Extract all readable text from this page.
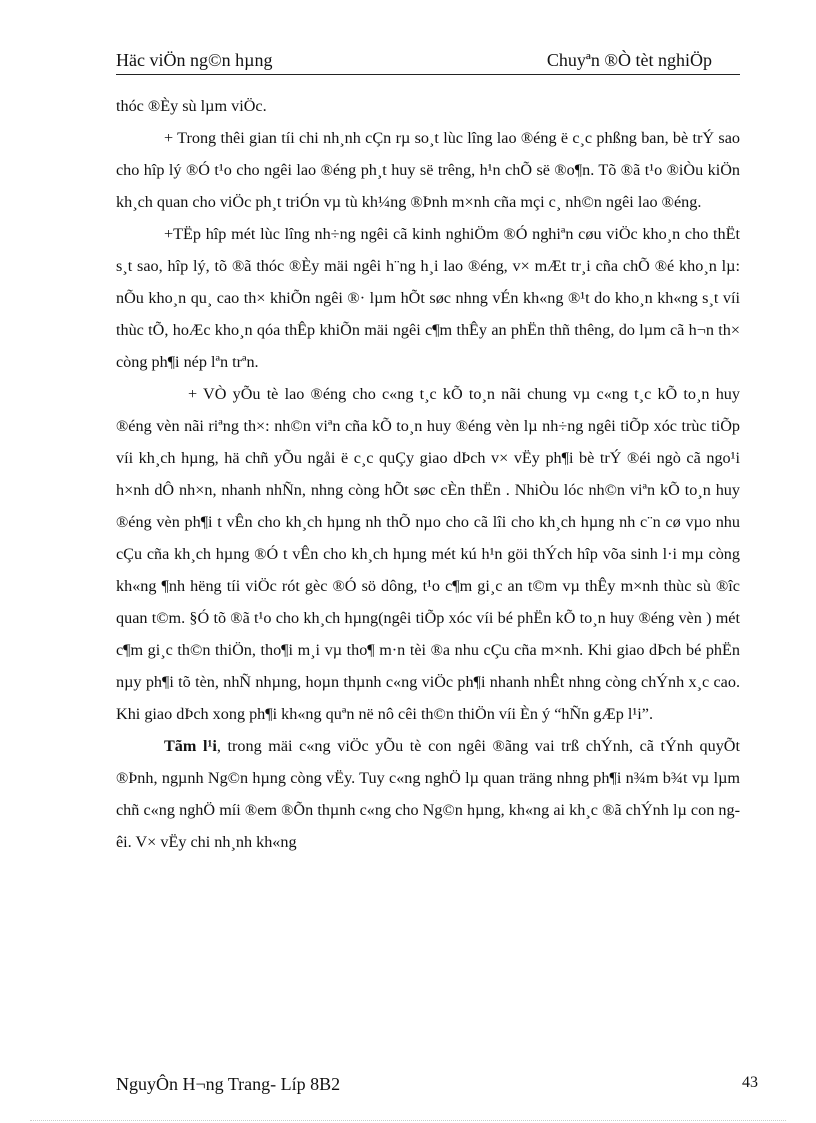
Häc viÖn ng©n hµng	Chuyªn ®Ò tèt nghiÖp

thóc ®Èy sù lµm viÖc.

+ Trong thêi gian tíi chi nh¸nh cÇn rµ so¸t lùc lîng lao ®éng ë c¸c phßng ban, bè trÝ sao cho hîp lý ®Ó t¹o cho ngêi lao ®éng ph¸t huy së trêng, h¹n chÕ së ®o¶n. Tõ ®ã t¹o ®iÒu kiÖn kh¸ch quan cho viÖc ph¸t triÓn vµ tù kh¼ng ®Þnh m×nh cña mçi c¸ nh©n ngêi lao ®éng.

+TËp hîp mét lùc lîng nh÷ng ngêi cã kinh nghiÖm ®Ó nghiªn cøu viÖc kho¸n cho thËt s¸t sao, hîp lý, tõ ®ã thóc ®Èy mäi ngêi h¨ng h¸i lao ®éng, v× mÆt tr¸i cña chÕ ®é kho¸n lµ: nÕu kho¸n qu¸ cao th× khiÕn ngêi ®· lµm hÕt søc nhng vÉn kh«ng ®¹t do kho¸n kh«ng s¸t víi thùc tÕ, hoÆc kho¸n qóa thÊp khiÕn mäi ngêi c¶m thÊy an phËn thñ thêng, do lµm cã h¬n th× còng ph¶i nép lªn trªn.

+ VÒ yÕu tè lao ®éng cho c«ng t¸c kÕ to¸n nãi chung vµ c«ng t¸c kÕ to¸n huy ®éng vèn nãi riªng th×: nh©n viªn cña kÕ to¸n huy ®éng vèn lµ nh÷ng ngêi tiÕp xóc trùc tiÕp víi kh¸ch hµng, hä chñ yÕu ngåi ë c¸c quÇy giao dÞch v× vËy ph¶i bè trÝ ®éi ngò cã ngo¹i h×nh dÔ nh×n, nhanh nhÑn, nhng còng hÕt søc cÈn thËn . NhiÒu lóc nh©n viªn kÕ to¸n huy ®éng vèn ph¶i t vÊn cho kh¸ch hµng nh thÕ nµo cho cã lîi cho kh¸ch hµng nh c¨n cø vµo nhu cÇu cña kh¸ch hµng ®Ó t vÊn cho kh¸ch hµng mét kú h¹n göi thÝch hîp võa sinh l·i mµ còng kh«ng ¶nh hëng tíi viÖc rót gèc ®Ó sö dông, t¹o c¶m gi¸c an t©m vµ thÊy m×nh thùc sù ®îc quan t©m. §Ó tõ ®ã t¹o cho kh¸ch hµng(ngêi tiÕp xóc víi bé phËn kÕ to¸n huy ®éng vèn ) mét c¶m gi¸c th©n thiÖn, tho¶i m¸i vµ tho¶ m·n tèi ®a nhu cÇu cña m×nh. Khi giao dÞch bé phËn nµy ph¶i tõ tèn, nhÑ nhµng, hoµn thµnh c«ng viÖc ph¶i nhanh nhÊt nhng còng chÝnh x¸c cao. Khi giao dÞch xong ph¶i kh«ng quªn në nô cêi th©n thiÖn víi Èn ý “hÑn gÆp l¹i”.

Tãm l¹i, trong mäi c«ng viÖc yÕu tè con ngêi ®ãng vai trß chÝnh, cã tÝnh quyÕt ®Þnh, ngµnh Ng©n hµng còng vËy. Tuy c«ng nghÖ lµ quan träng nhng ph¶i n¾m b¾t vµ lµm chñ c«ng nghÖ míi ®em ®Õn thµnh c«ng cho Ng©n hµng, kh«ng ai kh¸c ®ã chÝnh lµ con ngêi. V× vËy chi nh¸nh kh«ng

NguyÔn H¬ng Trang- Líp 8B2	43
